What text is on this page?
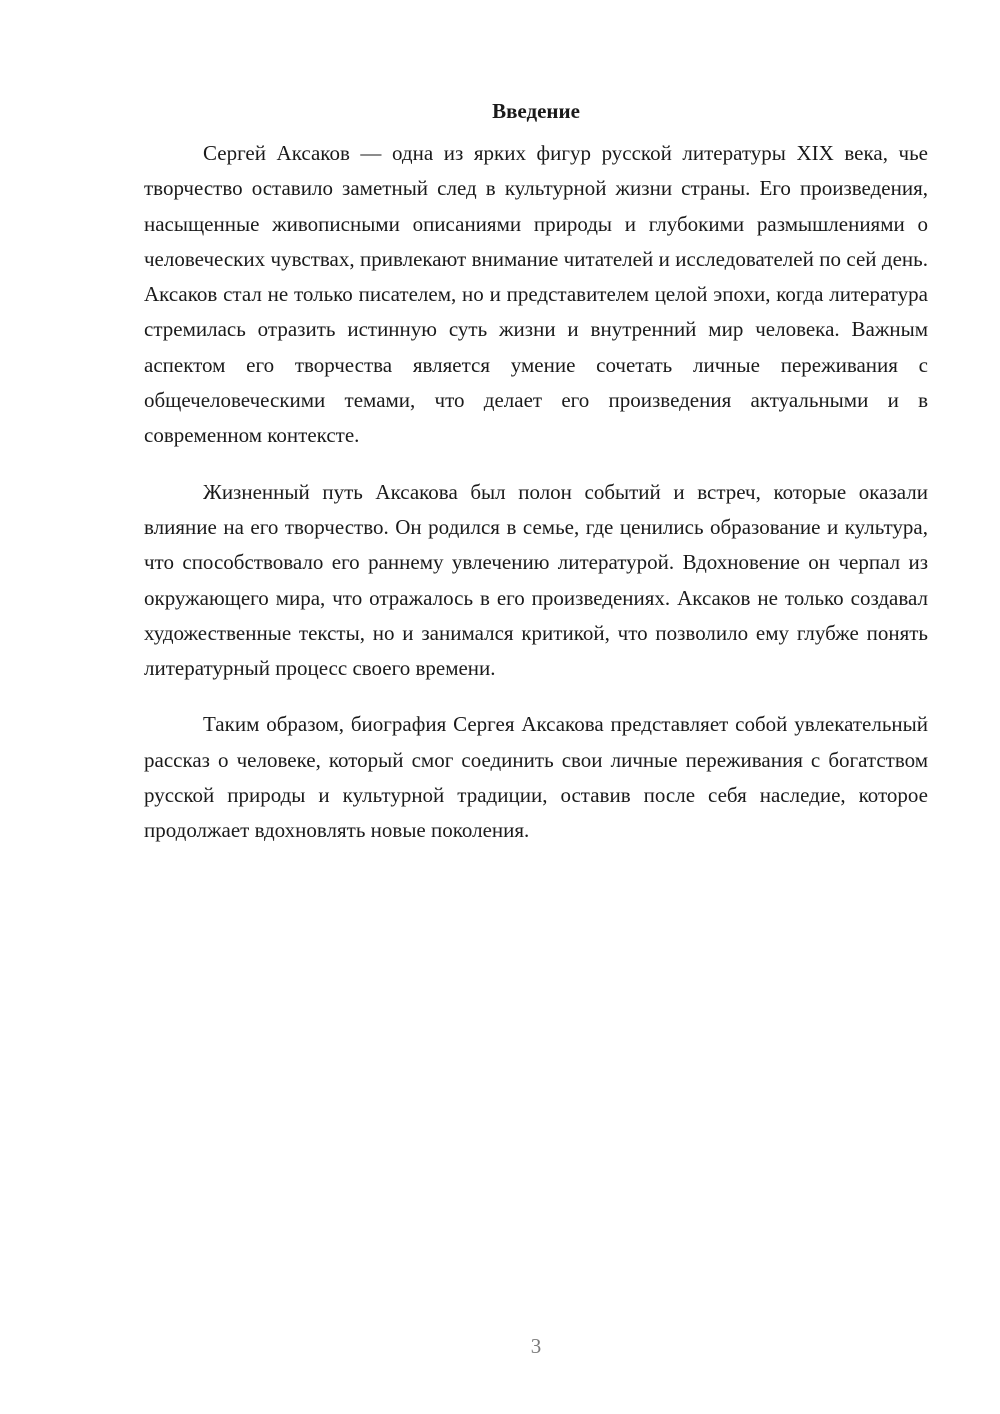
Введение

Сергей Аксаков — одна из ярких фигур русской литературы XIX века, чье творчество оставило заметный след в культурной жизни страны. Его произведения, насыщенные живописными описаниями природы и глубокими размышлениями о человеческих чувствах, привлекают внимание читателей и исследователей по сей день. Аксаков стал не только писателем, но и представителем целой эпохи, когда литература стремилась отразить истинную суть жизни и внутренний мир человека. Важным аспектом его творчества является умение сочетать личные переживания с общечеловеческими темами, что делает его произведения актуальными и в современном контексте.

Жизненный путь Аксакова был полон событий и встреч, которые оказали влияние на его творчество. Он родился в семье, где ценились образование и культура, что способствовало его раннему увлечению литературой. Вдохновение он черпал из окружающего мира, что отражалось в его произведениях. Аксаков не только создавал художественные тексты, но и занимался критикой, что позволило ему глубже понять литературный процесс своего времени.

Таким образом, биография Сергея Аксакова представляет собой увлекательный рассказ о человеке, который смог соединить свои личные переживания с богатством русской природы и культурной традиции, оставив после себя наследие, которое продолжает вдохновлять новые поколения.

3
